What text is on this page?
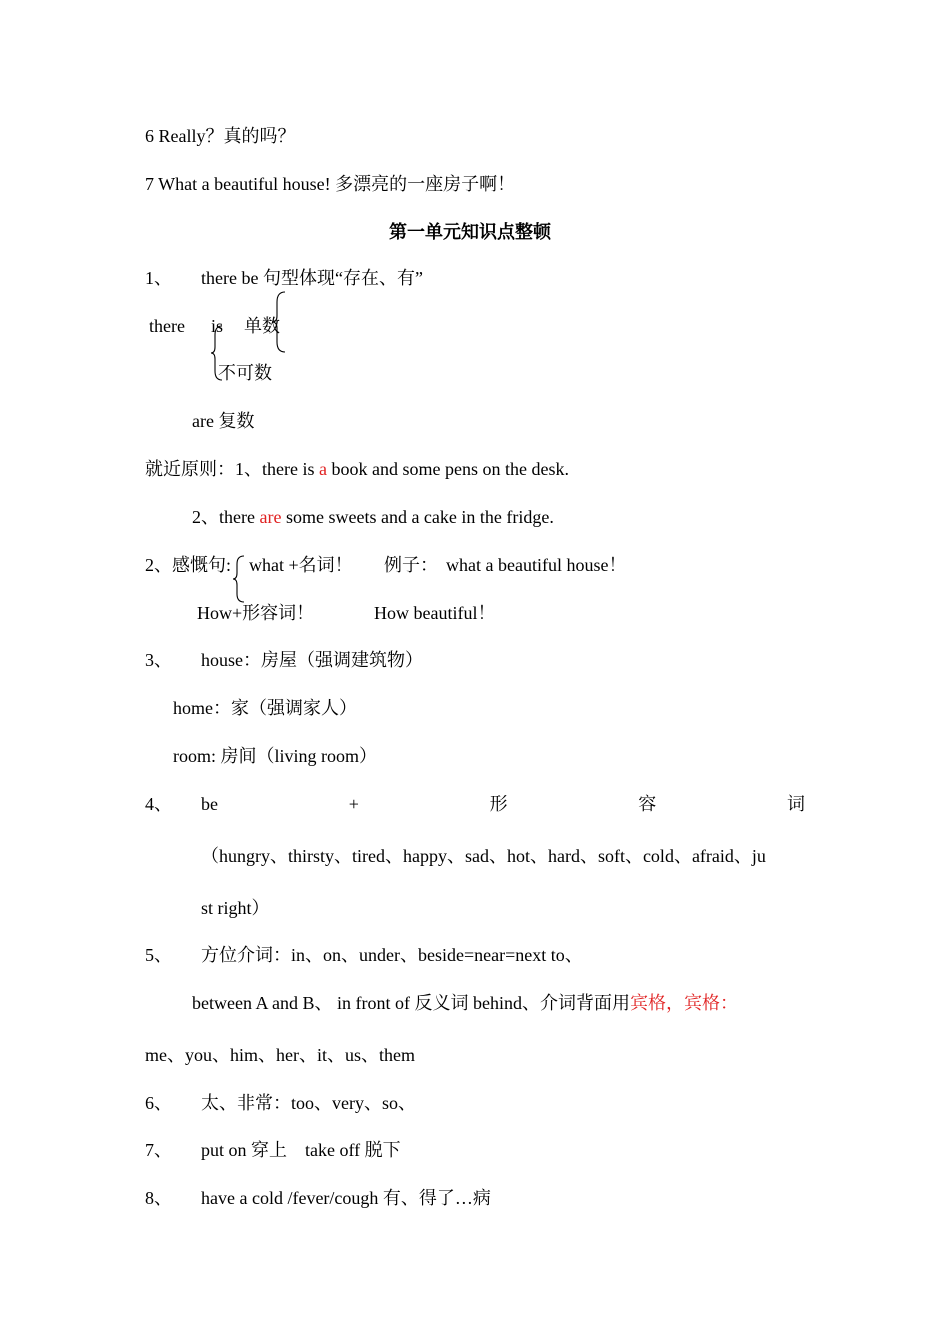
6 Really？真的吗？
7 What a beautiful house! 多漂亮的一座房子啊！
第一单元知识点整顿
1、 there be 句型体现“存在、有”
there is 单数
不可数
are 复数
就近原则：1、there is a book and some pens on the desk.
2、there are some sweets and a cake in the fridge.
2、感慨句: what +名词！ 例子： what a beautiful house！
How+形容词！	How beautiful！
3、 house：房屋（强调建筑物）
home：家（强调家人）
room: 房间（living room）
4、 be	+	形	容	词
（hungry、thirsty、tired、happy、sad、hot、hard、soft、cold、afraid、ju
st right）
5、 方位介词：in、on、under、beside=near=next to、
between A and B、 in front of 反义词 behind、介词背面用宾格，宾格：
me、you、him、her、it、us、them
6、 太、非常：too、very、so、
7、 put on 穿上    take off 脱下
8、 have a cold /fever/cough 有、得了…病
